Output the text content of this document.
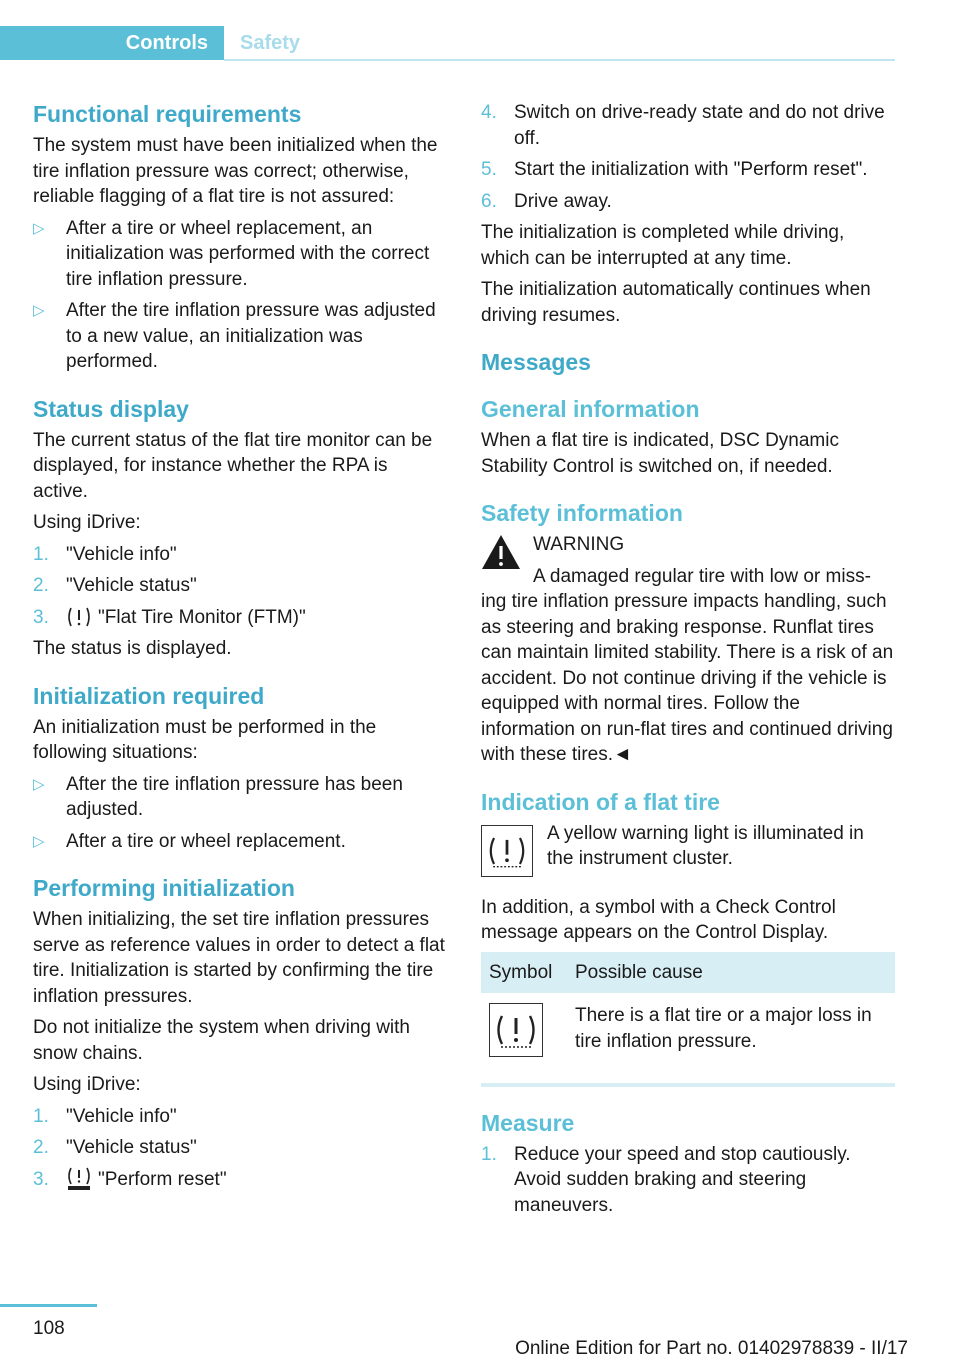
Controls	Safety
Functional requirements

The system must have been initialized when the tire inflation pressure was correct; otherwise, reliable flagging of a flat tire is not assured:

▷ After a tire or wheel replacement, an initialization was performed with the correct tire inflation pressure.
▷ After the tire inflation pressure was adjusted to a new value, an initialization was performed.
Status display

The current status of the flat tire monitor can be displayed, for instance whether the RPA is active.

Using iDrive:

1. "Vehicle info"
2. "Vehicle status"
3.	"Flat Tire Monitor (FTM)"

The status is displayed.

Initialization required

An initialization must be performed in the following situations:

▷ After the tire inflation pressure has been adjusted.
▷ After a tire or wheel replacement.
Performing initialization

When initializing, the set tire inflation pressures serve as reference values in order to detect a flat tire. Initialization is started by confirming the tire inflation pressures.

Do not initialize the system when driving with snow chains.

Using iDrive:

1. "Vehicle info"
2. "Vehicle status"
3.	"Perform reset"
4. Switch on drive-ready state and do not drive off.
5. Start the initialization with "Perform reset".
6. Drive away.

The initialization is completed while driving, which can be interrupted at any time.

The initialization automatically continues when driving resumes.

Messages
General information

When a flat tire is indicated, DSC Dynamic Stability Control is switched on, if needed.

Safety information

WARNING

A damaged regular tire with low or miss-

ing tire inflation pressure impacts handling, such as steering and braking response. Runflat tires can maintain limited stability. There is a risk of an accident. Do not continue driving if the vehicle is equipped with normal tires. Follow the information on run-flat tires and continued driving with these tires.◄

Indication of a flat tire
A yellow warning light is illuminated in the instrument cluster.

In addition, a symbol with a Check Control message appears on the Control Display.

Symbol	Possible cause
	There is a flat tire or a major loss in tire inflation pressure.
Measure
1. Reduce your speed and stop cautiously. Avoid sudden braking and steering maneuvers.
108
Online Edition for Part no. 01402978839 - II/17
